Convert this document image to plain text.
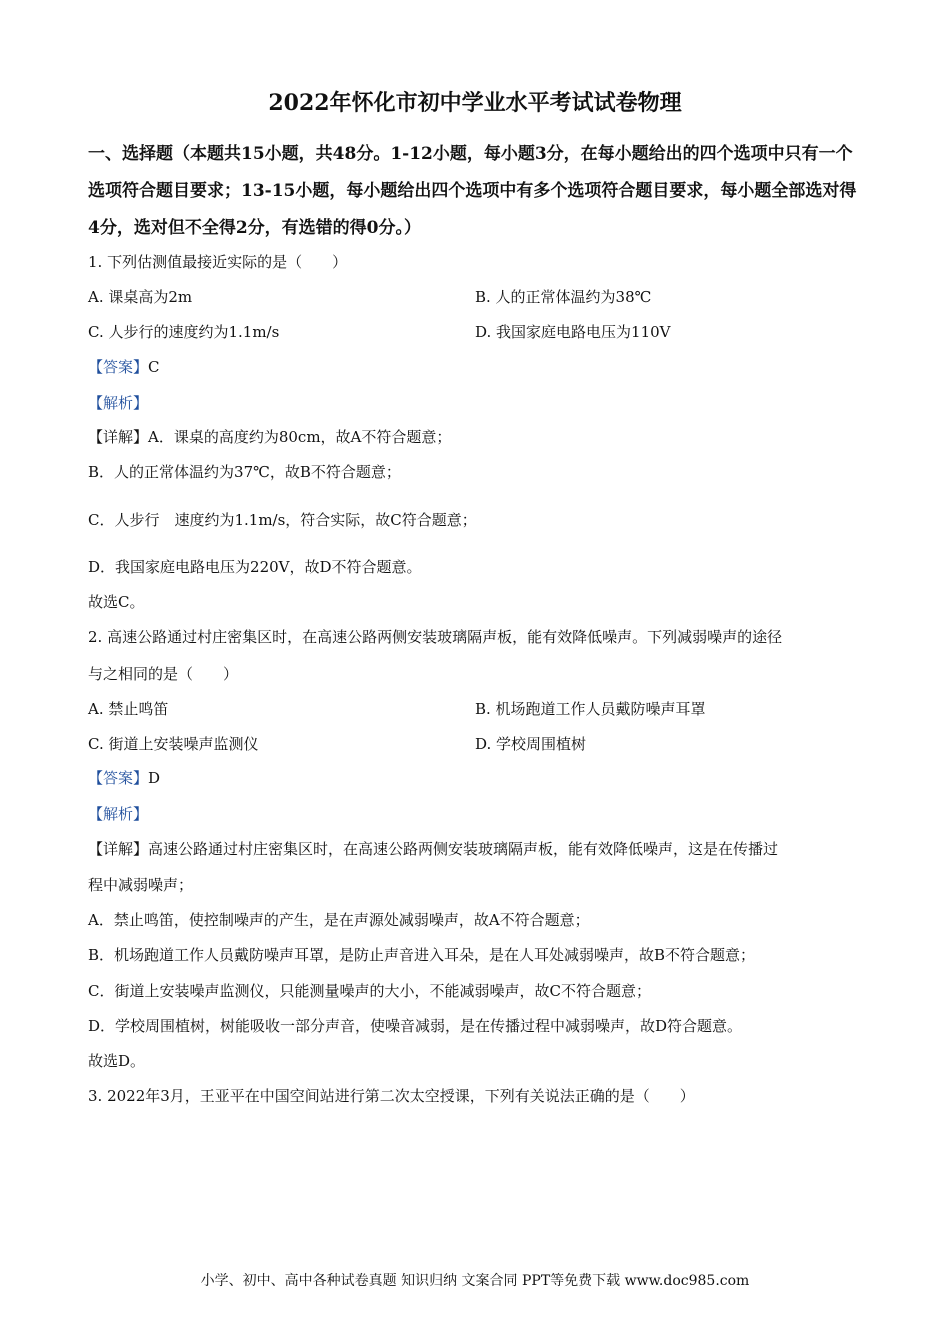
2022年怀化市初中学业水平考试试卷物理
一、选择题（本题共15小题，共48分。1-12小题，每小题3分，在每小题给出的四个选项中只有一个选项符合题目要求；13-15小题，每小题给出四个选项中有多个选项符合题目要求，每小题全部选对得4分，选对但不全得2分，有选错的得0分。）
1. 下列估测值最接近实际的是（　　）
A. 课桌高为2m	B. 人的正常体温约为38℃
C. 人步行的速度约为1.1m/s	D. 我国家庭电路电压为110V
【答案】C
【解析】
【详解】A．课桌的高度约为80cm，故A不符合题意；
B．人的正常体温约为37℃，故B不符合题意；
C．人步行　速度约为1.1m/s，符合实际，故C符合题意；
D．我国家庭电路电压为220V，故D不符合题意。
故选C。
2. 高速公路通过村庄密集区时，在高速公路两侧安装玻璃隔声板，能有效降低噪声。下列减弱噪声的途径
与之相同的是（　　）
A. 禁止鸣笛	B. 机场跑道工作人员戴防噪声耳罩
C. 街道上安装噪声监测仪	D. 学校周围植树
【答案】D
【解析】
【详解】高速公路通过村庄密集区时，在高速公路两侧安装玻璃隔声板，能有效降低噪声，这是在传播过
程中减弱噪声；
A．禁止鸣笛，使控制噪声的产生，是在声源处减弱噪声，故A不符合题意；
B．机场跑道工作人员戴防噪声耳罩，是防止声音进入耳朵，是在人耳处减弱噪声，故B不符合题意；
C．街道上安装噪声监测仪，只能测量噪声的大小，不能减弱噪声，故C不符合题意；
D．学校周围植树，树能吸收一部分声音，使噪音减弱，是在传播过程中减弱噪声，故D符合题意。
故选D。
3. 2022年3月，王亚平在中国空间站进行第二次太空授课，下列有关说法正确的是（　　）
小学、初中、高中各种试卷真题 知识归纳 文案合同 PPT等免费下载 www.doc985.com
